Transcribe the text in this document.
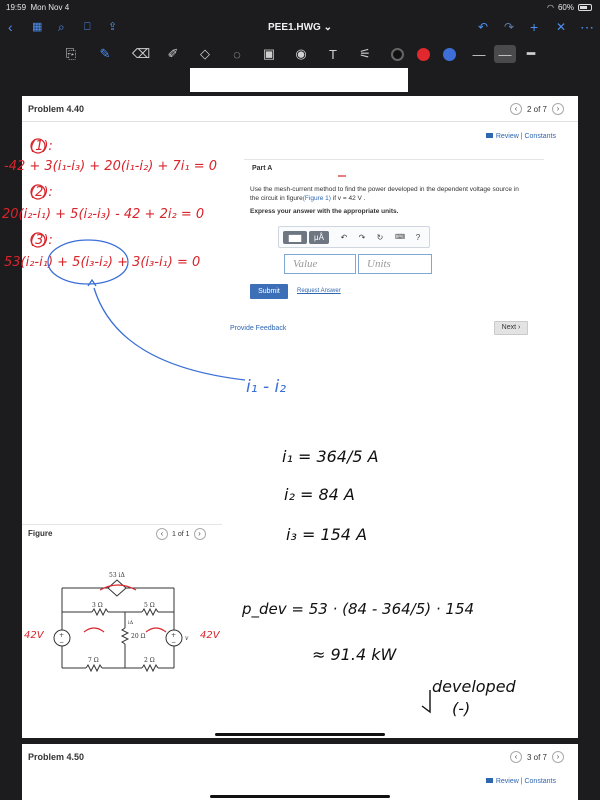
19:59 Mon Nov 4	◠ 60%
‹ ▦ ⌕ ⎕ ⇪	PEE1.HWG ⌄	↶ ↷ + ✕ ⋯
⎘ ✎ ⌫ ✐	◇	◌	▣ ◉	T	⚟	—	—	━
Problem 4.40	‹	2 of 7	›
Review | Constants
Part A
Use the mesh-current method to find the power developed in the dependent voltage source in
the circuit in figure(Figure 1) if v = 42 V .
Express your answer with the appropriate units.
▆▆	μÅ	↶ ↷ ↻ ⌨	?
Value	Units
Submit	Request Answer
Provide Feedback	Next ›
Figure	‹	1 of 1	›
+
−
+
−
53 iΔ
3 Ω	5 Ω
20 Ω
7 Ω	2 Ω
iΔ
v
Problem 4.50	‹	3 of 7	›
Review | Constants
(1):
-42 + 3(i₁-i₃) + 20(i₁-i₂) + 7i₁ = 0
(2):
20(i₂-i₁) + 5(i₂-i₃) - 42 + 2i₂ = 0
(3):
53(i₂-i₁) + 5(i₃-i₂) + 3(i₃-i₁) = 0
i₁ - i₂
i₁ = 364/5 A
i₂ = 84 A
i₃ = 154 A
p_dev = 53 · (84 - 364/5) · 154
≈ 91.4 kW
developed
(-)
42V	42V
